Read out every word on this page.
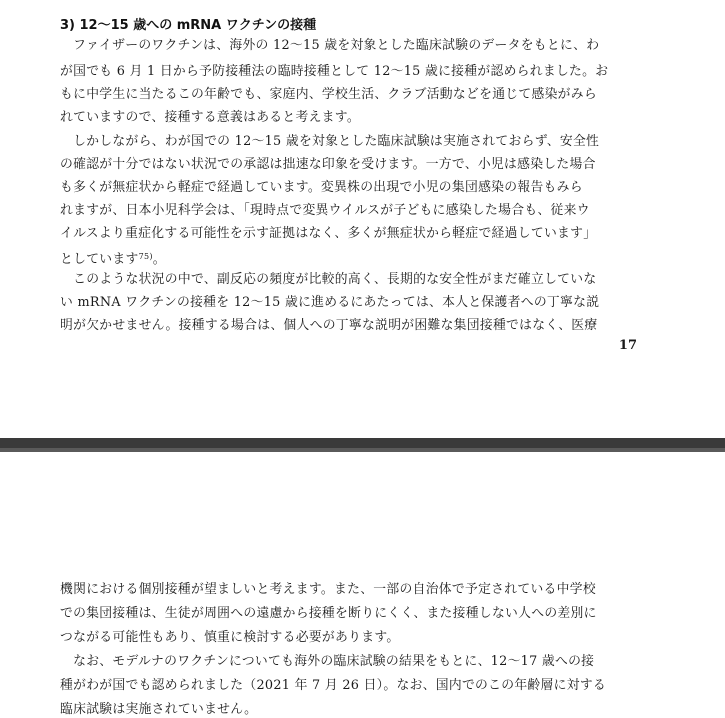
3) 12～15 歳への mRNA ワクチンの接種
　ファイザーのワクチンは、海外の 12～15 歳を対象とした臨床試験のデータをもとに、わ
が国でも 6 月 1 日から予防接種法の臨時接種として 12～15 歳に接種が認められました。お
もに中学生に当たるこの年齢でも、家庭内、学校生活、クラブ活動などを通じて感染がみら
れていますので、接種する意義はあると考えます。
　しかしながら、わが国での 12～15 歳を対象とした臨床試験は実施されておらず、安全性
の確認が十分ではない状況での承認は拙速な印象を受けます。一方で、小児は感染した場合
も多くが無症状から軽症で経過しています。変異株の出現で小児の集団感染の報告もみら
れますが、日本小児科学会は、「現時点で変異ウイルスが子どもに感染した場合も、従来ウ
イルスより重症化する可能性を示す証拠はなく、多くが無症状から軽症で経過しています」
としています$^{75)}$。
　このような状況の中で、副反応の頻度が比較的高く、長期的な安全性がまだ確立していな
い mRNA ワクチンの接種を 12～15 歳に進めるにあたっては、本人と保護者への丁寧な説
明が欠かせません。接種する場合は、個人への丁寧な説明が困難な集団接種ではなく、医療
17
機関における個別接種が望ましいと考えます。また、一部の自治体で予定されている中学校
での集団接種は、生徒が周囲への遠慮から接種を断りにくく、また接種しない人への差別に
つながる可能性もあり、慎重に検討する必要があります。
　なお、モデルナのワクチンについても海外の臨床試験の結果をもとに、12～17 歳への接
種がわが国でも認められました（2021 年 7 月 26 日）。なお、国内でのこの年齢層に対する
臨床試験は実施されていません。
